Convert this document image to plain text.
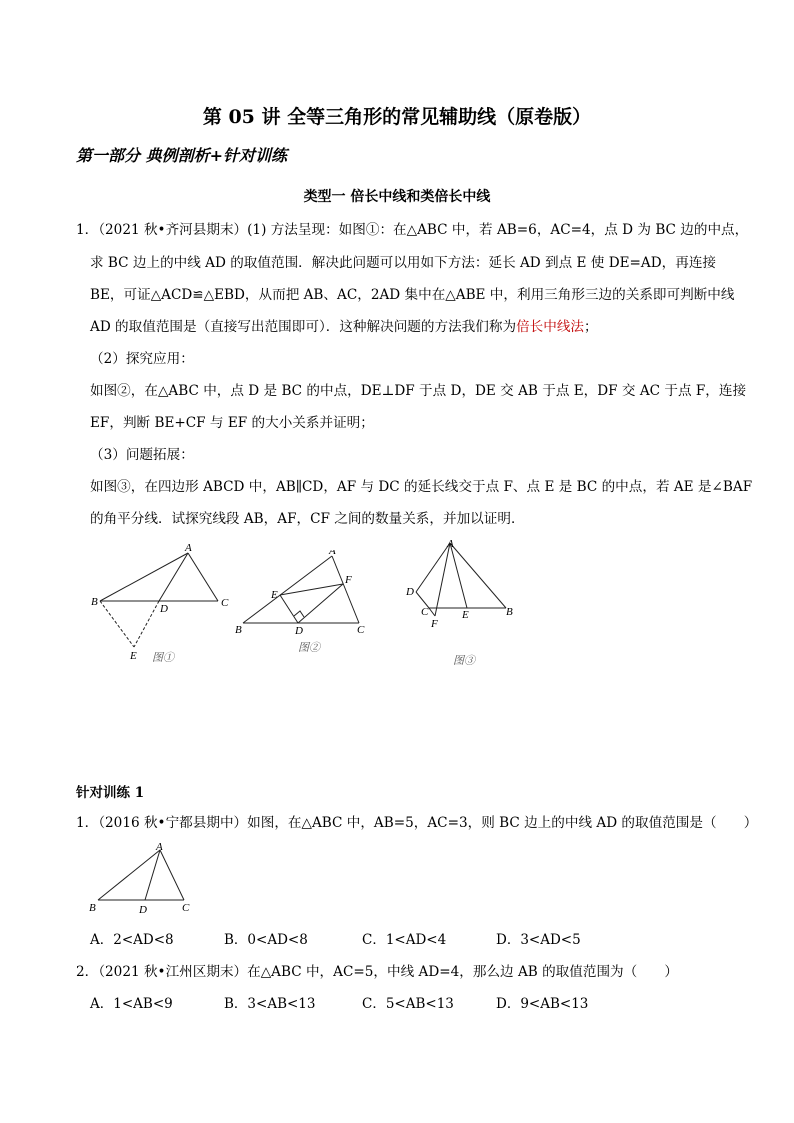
第 05 讲 全等三角形的常见辅助线（原卷版）
第一部分 典例剖析+针对训练
类型一 倍长中线和类倍长中线
1．（2021 秋•齐河县期末）(1) 方法呈现：如图①：在△ABC 中，若 AB=6，AC=4，点 D 为 BC 边的中点，
求 BC 边上的中线 AD 的取值范围．解决此问题可以用如下方法：延长 AD 到点 E 使 DE=AD，再连接
BE，可证△ACD≌△EBD，从而把 AB、AC，2AD 集中在△ABE 中，利用三角形三边的关系即可判断中线
AD 的取值范围是（直接写出范围即可）．这种解决问题的方法我们称为倍长中线法；
（2）探究应用：
如图②，在△ABC 中，点 D 是 BC 的中点，DE⊥DF 于点 D，DE 交 AB 于点 E，DF 交 AC 于点 F，连接
EF，判断 BE+CF 与 EF 的大小关系并证明；
（3）问题拓展：
如图③，在四边形 ABCD 中，AB∥CD，AF 与 DC 的延长线交于点 F、点 E 是 BC 的中点，若 AE 是∠BAF
的角平分线．试探究线段 AB，AF，CF 之间的数量关系，并加以证明．
A
B	C
D
E 图①
A
B	C
D
E
F
图②
A
D
C
F
E	B
图③
针对训练 1
1．（2016 秋•宁都县期中）如图，在△ABC 中，AB=5，AC=3，则 BC 边上的中线 AD 的取值范围是（　　）
A
B	D	C
A．2<AD<8	B．0<AD<8	C．1<AD<4	D．3<AD<5
2．（2021 秋•江州区期末）在△ABC 中，AC=5，中线 AD=4，那么边 AB 的取值范围为（　　）
A．1<AB<9	B．3<AB<13	C．5<AB<13	D．9<AB<13
